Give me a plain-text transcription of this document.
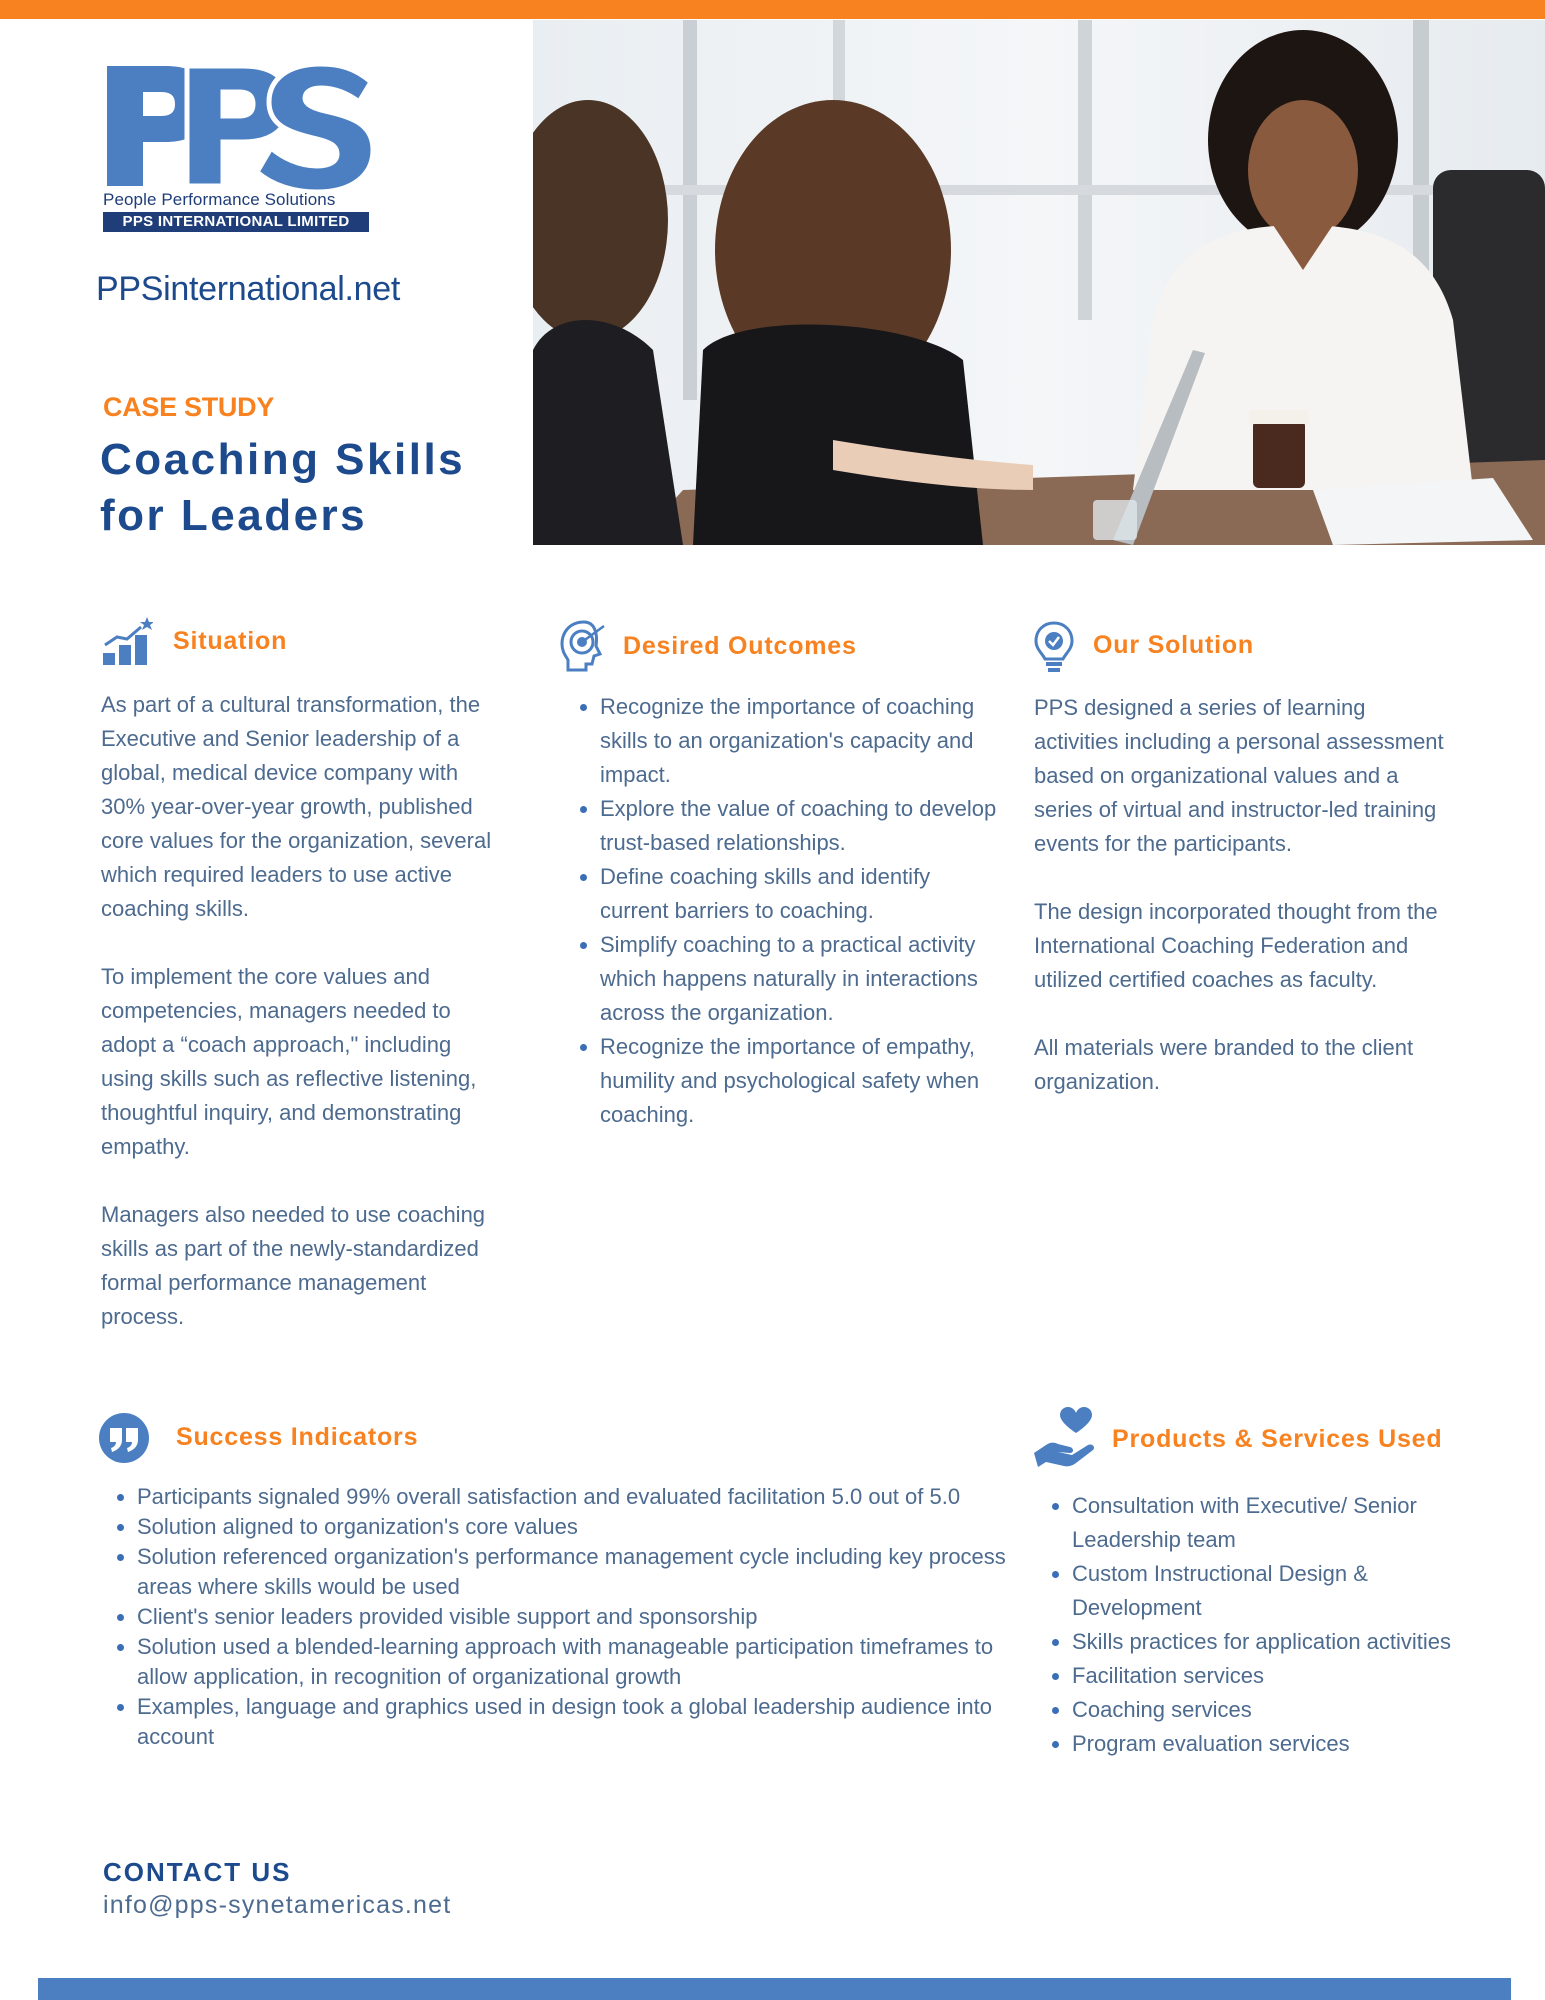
People Performance Solutions
PPS INTERNATIONAL LIMITED
PPSinternational.net
CASE STUDY
Coaching Skills for Leaders
Situation

As part of a cultural transformation, the Executive and Senior leadership of a global, medical device company with 30% year-over-year growth, published core values for the organization, several which required leaders to use active coaching skills.

To implement the core values and competencies, managers needed to adopt a “coach approach," including using skills such as reflective listening, thoughtful inquiry, and demonstrating empathy.

Managers also needed to use coaching skills as part of the newly-standardized formal performance management process.

Desired Outcomes
• Recognize the importance of coaching skills to an organization's capacity and impact.
• Explore the value of coaching to develop trust-based relationships.
• Define coaching skills and identify current barriers to coaching.
• Simplify coaching to a practical activity which happens naturally in interactions across the organization.
• Recognize the importance of empathy, humility and psychological safety when coaching.
Our Solution

PPS designed a series of learning activities including a personal assessment based on organizational values and a series of virtual and instructor-led training events for the participants.

The design incorporated thought from the International Coaching Federation and utilized certified coaches as faculty.

All materials were branded to the client organization.

Success Indicators
• Participants signaled 99% overall satisfaction and evaluated facilitation 5.0 out of 5.0
• Solution aligned to organization's core values
• Solution referenced organization's performance management cycle including key process areas where skills would be used
• Client's senior leaders provided visible support and sponsorship
• Solution used a blended-learning approach with manageable participation timeframes to allow application, in recognition of organizational growth
• Examples, language and graphics used in design took a global leadership audience into account
Products & Services Used
• Consultation with Executive/ Senior Leadership team
• Custom Instructional Design & Development
• Skills practices for application activities
• Facilitation services
• Coaching services
• Program evaluation services
CONTACT US
info@pps-synetamericas.net
